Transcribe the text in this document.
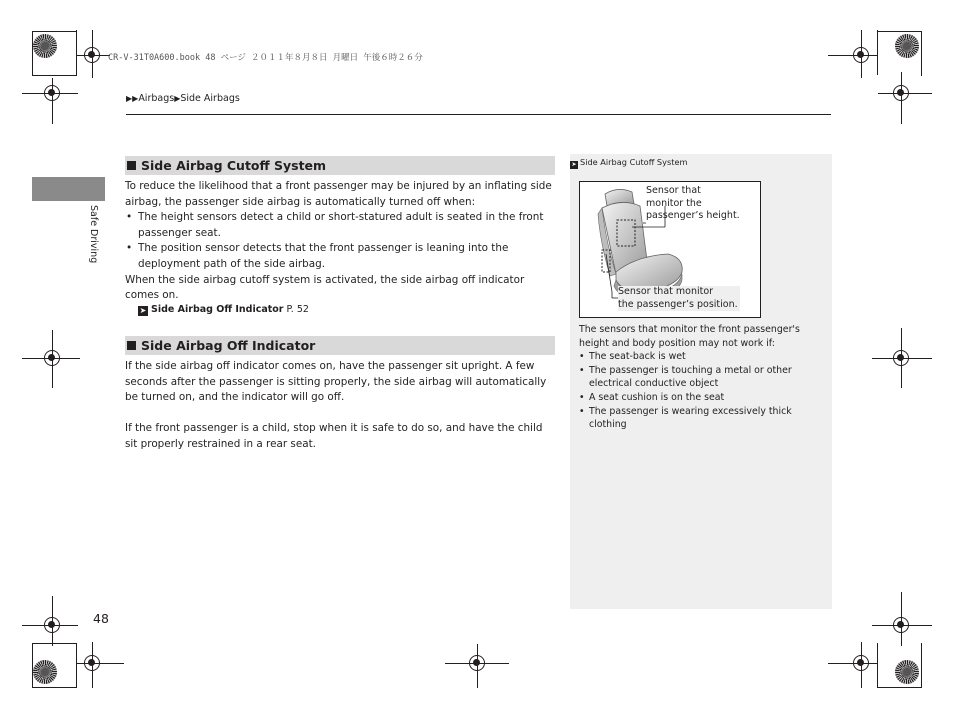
CR-V-31T0A600.book 48 ページ ２０１１年８月８日 月曜日 午後６時２６分
▶▶Airbags▶Side Airbags
Safe Driving
Side Airbag Cutoff System

To reduce the likelihood that a front passenger may be injured by an inflating side airbag, the passenger side airbag is automatically turned off when:

• The height sensors detect a child or short-statured adult is seated in the front passenger seat.

• The position sensor detects that the front passenger is leaning into the deployment path of the side airbag.

When the side airbag cutoff system is activated, the side airbag off indicator comes on.

➤ Side Airbag Off Indicator P. 52
Side Airbag Off Indicator

If the side airbag off indicator comes on, have the passenger sit upright. A few seconds after the passenger is sitting properly, the side airbag will automatically be turned on, and the indicator will go off.

If the front passenger is a child, stop when it is safe to do so, and have the child sit properly restrained in a rear seat.

➤ Side Airbag Cutoff System
Sensor that
monitor the
passenger’s height.
Sensor that monitor
the passenger’s position.

The sensors that monitor the front passenger's height and body position may not work if:

• The seat-back is wet

• The passenger is touching a metal or other electrical conductive object

• A seat cushion is on the seat

• The passenger is wearing excessively thick clothing

48
